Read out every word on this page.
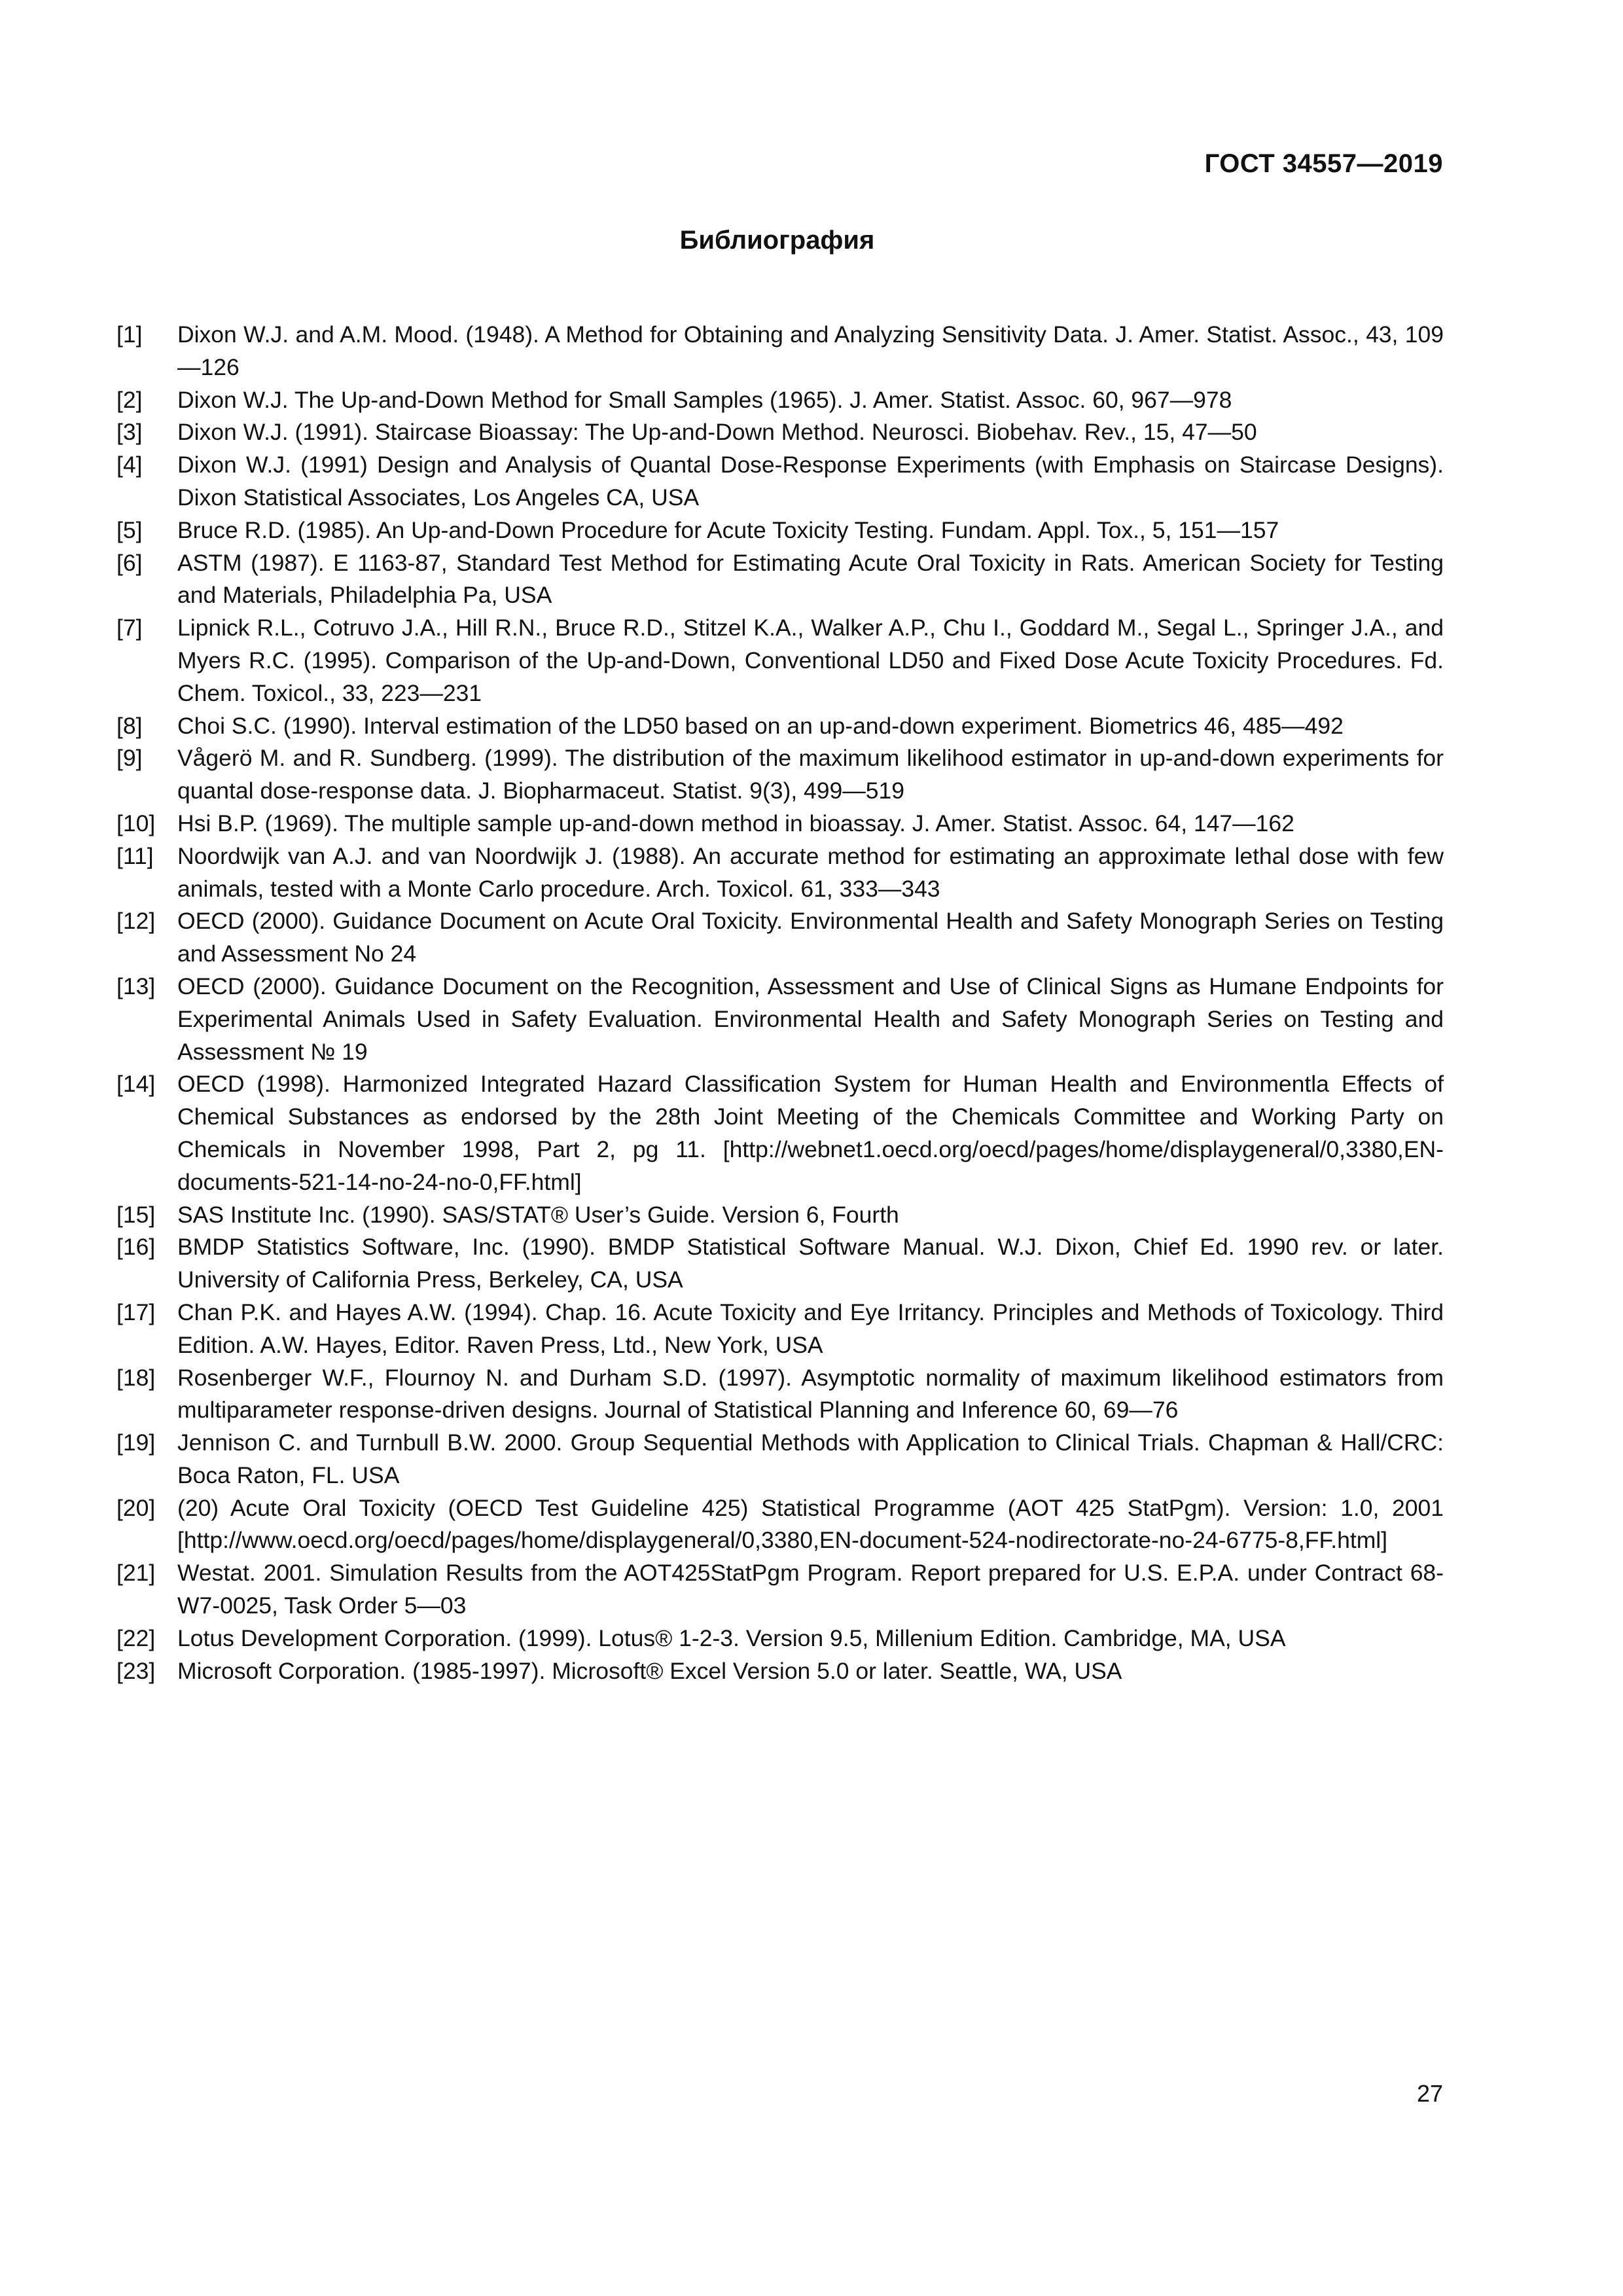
ГОСТ 34557—2019
Библиография
[1]	Dixon W.J. and A.M. Mood. (1948). A Method for Obtaining and Analyzing Sensitivity Data. J. Amer. Statist. Assoc., 43, 109—126
[2]	Dixon W.J. The Up-and-Down Method for Small Samples (1965). J. Amer. Statist. Assoc. 60, 967—978
[3]	Dixon W.J. (1991). Staircase Bioassay: The Up-and-Down Method. Neurosci. Biobehav. Rev., 15, 47—50
[4]	Dixon W.J. (1991) Design and Analysis of Quantal Dose-Response Experiments (with Emphasis on Staircase Designs). Dixon Statistical Associates, Los Angeles CA, USA
[5]	Bruce R.D. (1985). An Up-and-Down Procedure for Acute Toxicity Testing. Fundam. Appl. Tox., 5, 151—157
[6]	ASTM (1987). E 1163-87, Standard Test Method for Estimating Acute Oral Toxicity in Rats. American Society for Testing and Materials, Philadelphia Pa, USA
[7]	Lipnick R.L., Cotruvo J.A., Hill R.N., Bruce R.D., Stitzel K.A., Walker A.P., Chu I., Goddard M., Segal L., Springer J.A., and Myers R.C. (1995). Comparison of the Up-and-Down, Conventional LD50 and Fixed Dose Acute Toxicity Procedures. Fd. Chem. Toxicol., 33, 223—231
[8]	Choi S.C. (1990). Interval estimation of the LD50 based on an up-and-down experiment. Biometrics 46, 485—492
[9]	Vågerö M. and R. Sundberg. (1999). The distribution of the maximum likelihood estimator in up-and-down experiments for quantal dose-response data. J. Biopharmaceut. Statist. 9(3), 499—519
[10] Hsi B.P. (1969). The multiple sample up-and-down method in bioassay. J. Amer. Statist. Assoc. 64, 147—162
[11]	Noordwijk van A.J. and van Noordwijk J. (1988). An accurate method for estimating an approximate lethal dose with few animals, tested with a Monte Carlo procedure. Arch. Toxicol. 61, 333—343
[12] OECD (2000). Guidance Document on Acute Oral Toxicity. Environmental Health and Safety Monograph Series on Testing and Assessment No 24
[13] OECD (2000). Guidance Document on the Recognition, Assessment and Use of Clinical Signs as Humane Endpoints for Experimental Animals Used in Safety Evaluation. Environmental Health and Safety Monograph Series on Testing and Assessment № 19
[14] OECD (1998). Harmonized Integrated Hazard Classification System for Human Health and Environmentla Effects of Chemical Substances as endorsed by the 28th Joint Meeting of the Chemicals Committee and Working Party on Chemicals in November 1998, Part 2, pg 11. [http://webnet1.oecd.org/oecd/pages/home/displaygeneral/0,3380,EN-documents-521-14-no-24-no-0,FF.html]
[15] SAS Institute Inc. (1990). SAS/STAT® User’s Guide. Version 6, Fourth
[16] BMDP Statistics Software, Inc. (1990). BMDP Statistical Software Manual. W.J. Dixon, Chief Ed. 1990 rev. or later. University of California Press, Berkeley, CA, USA
[17] Chan P.K. and Hayes A.W. (1994). Chap. 16. Acute Toxicity and Eye Irritancy. Principles and Methods of Toxicology. Third Edition. A.W. Hayes, Editor. Raven Press, Ltd., New York, USA
[18] Rosenberger W.F., Flournoy N. and Durham S.D. (1997). Asymptotic normality of maximum likelihood estimators from multiparameter response-driven designs. Journal of Statistical Planning and Inference 60, 69—76
[19] Jennison C. and Turnbull B.W. 2000. Group Sequential Methods with Application to Clinical Trials. Chapman & Hall/CRC: Boca Raton, FL. USA
[20] (20) Acute Oral Toxicity (OECD Test Guideline 425) Statistical Programme (AOT 425 StatPgm). Version: 1.0, 2001 [http://www.oecd.org/oecd/pages/home/displaygeneral/0,3380,EN-document-524-nodirectorate-no-24-6775-8,FF.html]
[21] Westat. 2001. Simulation Results from the AOT425StatPgm Program. Report prepared for U.S. E.P.A. under Contract 68-W7-0025, Task Order 5—03
[22] Lotus Development Corporation. (1999). Lotus® 1-2-3. Version 9.5, Millenium Edition. Cambridge, MA, USA
[23] Microsoft Corporation. (1985-1997). Microsoft® Excel Version 5.0 or later. Seattle, WA, USA
27
